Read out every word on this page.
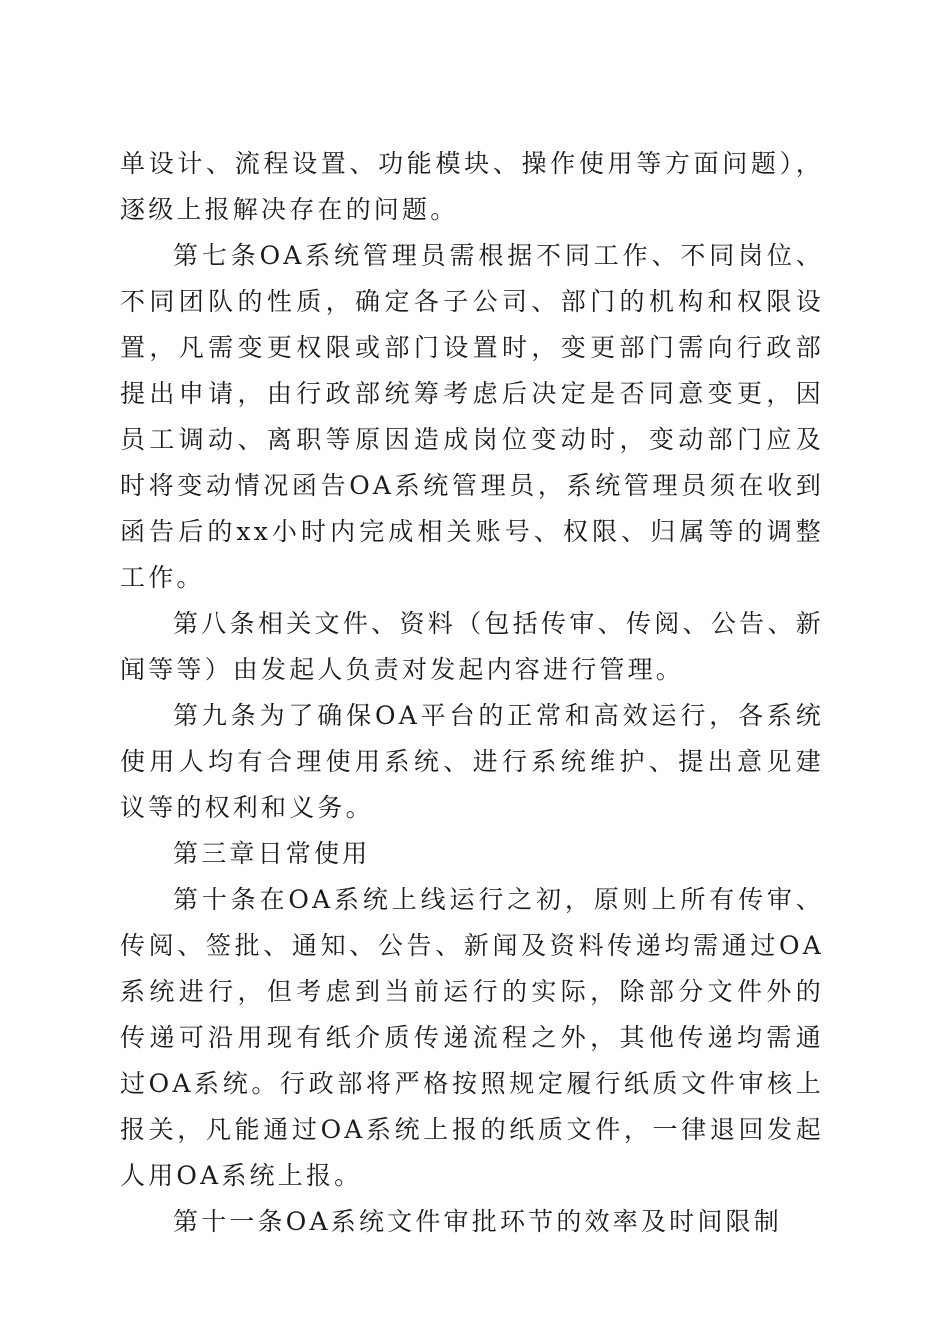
单设计、流程设置、功能模块、操作使用等方面问题），逐级上报解决存在的问题。

第七条OA系统管理员需根据不同工作、不同岗位、不同团队的性质，确定各子公司、部门的机构和权限设置，凡需变更权限或部门设置时，变更部门需向行政部提出申请，由行政部统筹考虑后决定是否同意变更，因员工调动、离职等原因造成岗位变动时，变动部门应及时将变动情况函告OA系统管理员，系统管理员须在收到函告后的xx小时内完成相关账号、权限、归属等的调整工作。

第八条相关文件、资料（包括传审、传阅、公告、新闻等等）由发起人负责对发起内容进行管理。

第九条为了确保OA平台的正常和高效运行，各系统使用人均有合理使用系统、进行系统维护、提出意见建议等的权利和义务。

第三章日常使用

第十条在OA系统上线运行之初，原则上所有传审、传阅、签批、通知、公告、新闻及资料传递均需通过OA系统进行，但考虑到当前运行的实际，除部分文件外的传递可沿用现有纸介质传递流程之外，其他传递均需通过OA系统。行政部将严格按照规定履行纸质文件审核上报关，凡能通过OA系统上报的纸质文件，一律退回发起人用OA系统上报。

第十一条OA系统文件审批环节的效率及时间限制
